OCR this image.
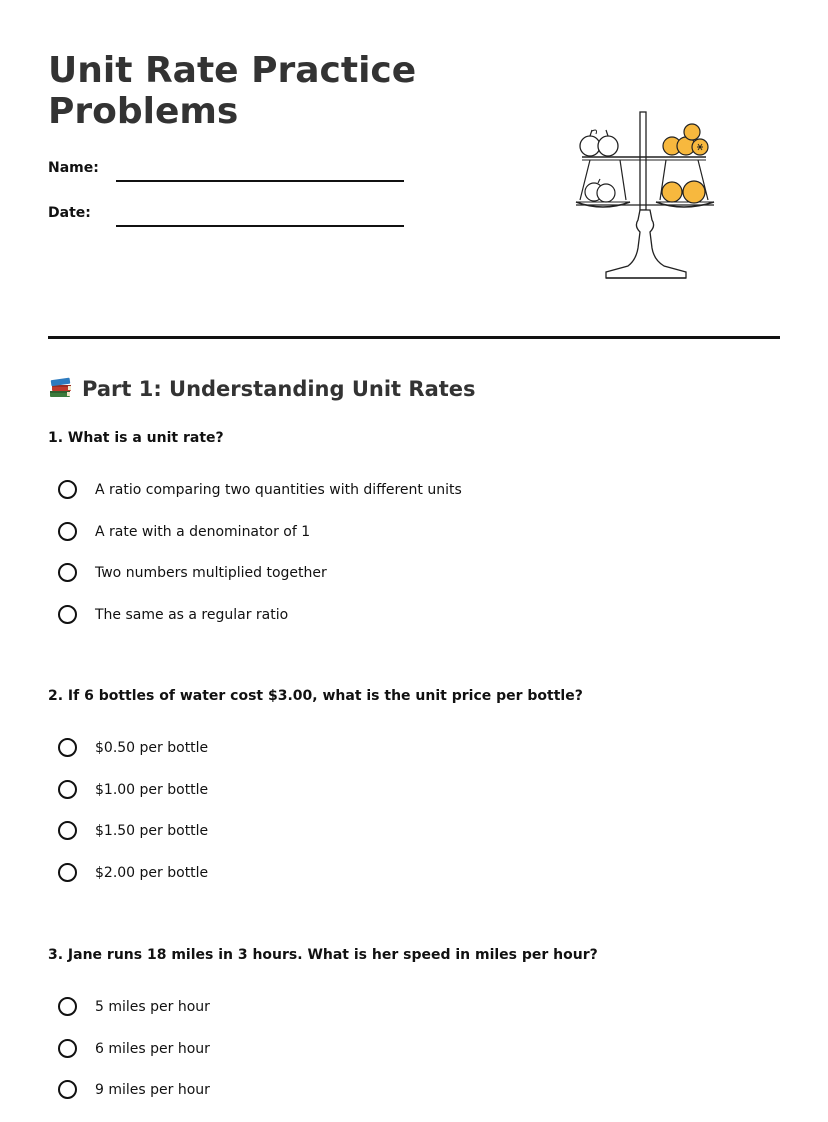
Unit Rate Practice Problems
Name:
Date:
Part 1: Understanding Unit Rates

1. What is a unit rate?

A ratio comparing two quantities with different units
A rate with a denominator of 1
Two numbers multiplied together
The same as a regular ratio

2. If 6 bottles of water cost $3.00, what is the unit price per bottle?

$0.50 per bottle
$1.00 per bottle
$1.50 per bottle
$2.00 per bottle

3. Jane runs 18 miles in 3 hours. What is her speed in miles per hour?

5 miles per hour
6 miles per hour
9 miles per hour
